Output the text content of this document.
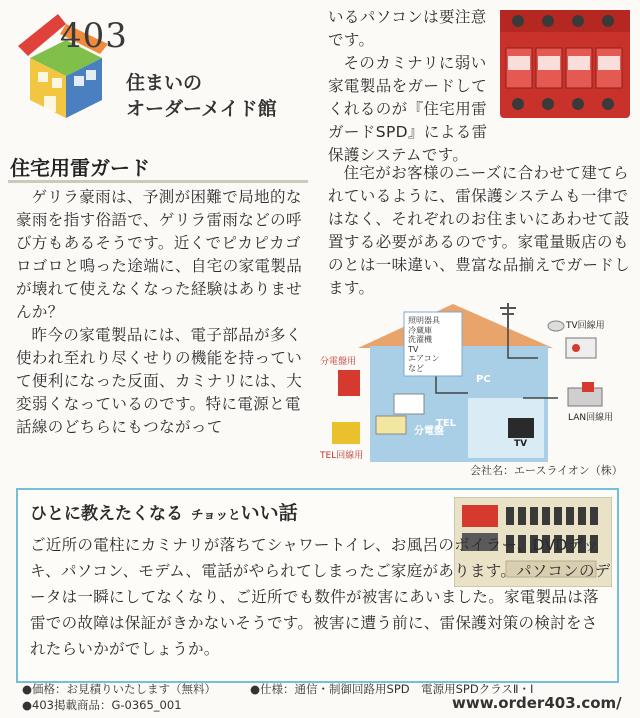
403
住まいの
オーダーメイド館
住宅用雷ガード

ゲリラ豪雨は、予測が困難で局地的な豪雨を指す俗語で、ゲリラ雷雨などの呼び方もあるそうです。近くでピカピカゴロゴロと鳴った途端に、自宅の家電製品が壊れて使えなくなった経験はありませんか？

昨今の家電製品には、電子部品が多く使われ至れり尽くせりの機能を持っていて便利になった反面、カミナリには、大変弱くなっているのです。特に電源と電話線のどちらにもつながって

いるパソコンは要注意です。

そのカミナリに弱い家電製品をガードしてくれるのが『住宅用雷ガードSPD』による雷保護システムです。

住宅がお客様のニーズに合わせて建てられているように、雷保護システムも一律ではなく、それぞれのお住まいにあわせて設置する必要があるのです。家電量販店のものとは一味違い、豊富な品揃えでガードします。

照明器具
冷蔵庫
洗濯機
TV
エアコン
など
TV回線用
分電盤用
LAN回線用
TEL回線用
PC
分電盤
TEL
TV
会社名：エースライオン（株）
ひとに教えたくなる チョッといい話
ご近所の電柱にカミナリが落ちてシャワートイレ、お風呂のボイラー、DVDデッキ、パソコン、モデム、電話がやられてしまったご家庭があります。パソコンのデータは一瞬にしてなくなり、ご近所でも数件が被害にあいました。家電製品は落雷での故障は保証がきかないそうです。被害に遭う前に、雷保護対策の検討をされたらいかがでしょうか。
●価格：お見積りいたします（無料）	●仕様：通信・制御回路用SPD　電源用SPDクラスⅡ・Ⅰ
●403掲載商品：G-0365_001	www.order403.com/
